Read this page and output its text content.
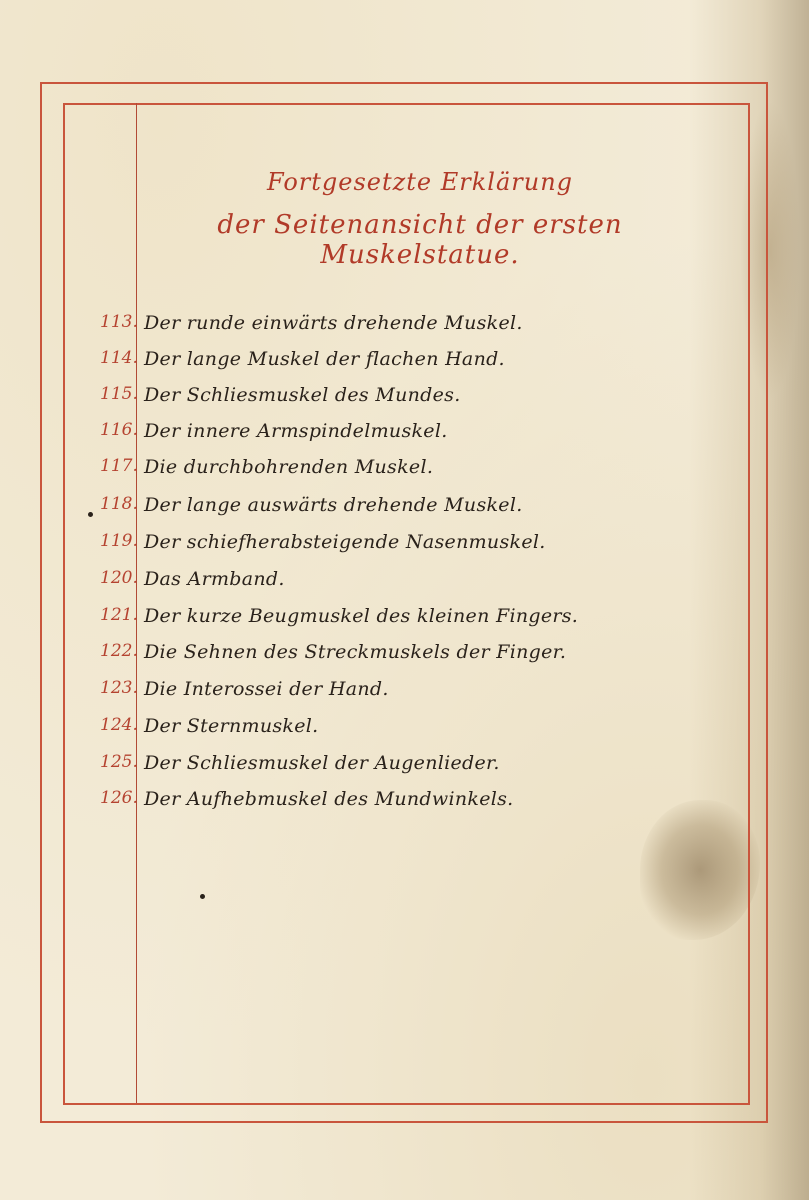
Fortgesetzte Erklärung
der Seitenansicht der ersten Muskelstatue.
113. Der runde einwärts drehende Muskel.
114. Der lange Muskel der flachen Hand.
115. Der Schliesmuskel des Mundes.
116. Der innere Armspindelmuskel.
117. Die durchbohrenden Muskel.
118. Der lange auswärts drehende Muskel.
119. Der schiefherabsteigende Nasenmuskel.
120. Das Armband.
121. Der kurze Beugmuskel des kleinen Fingers.
122. Die Sehnen des Streckmuskels der Finger.
123. Die Interossei der Hand.
124. Der Sternmuskel.
125. Der Schliesmuskel der Augenlieder.
126. Der Aufhebmuskel des Mundwinkels.
